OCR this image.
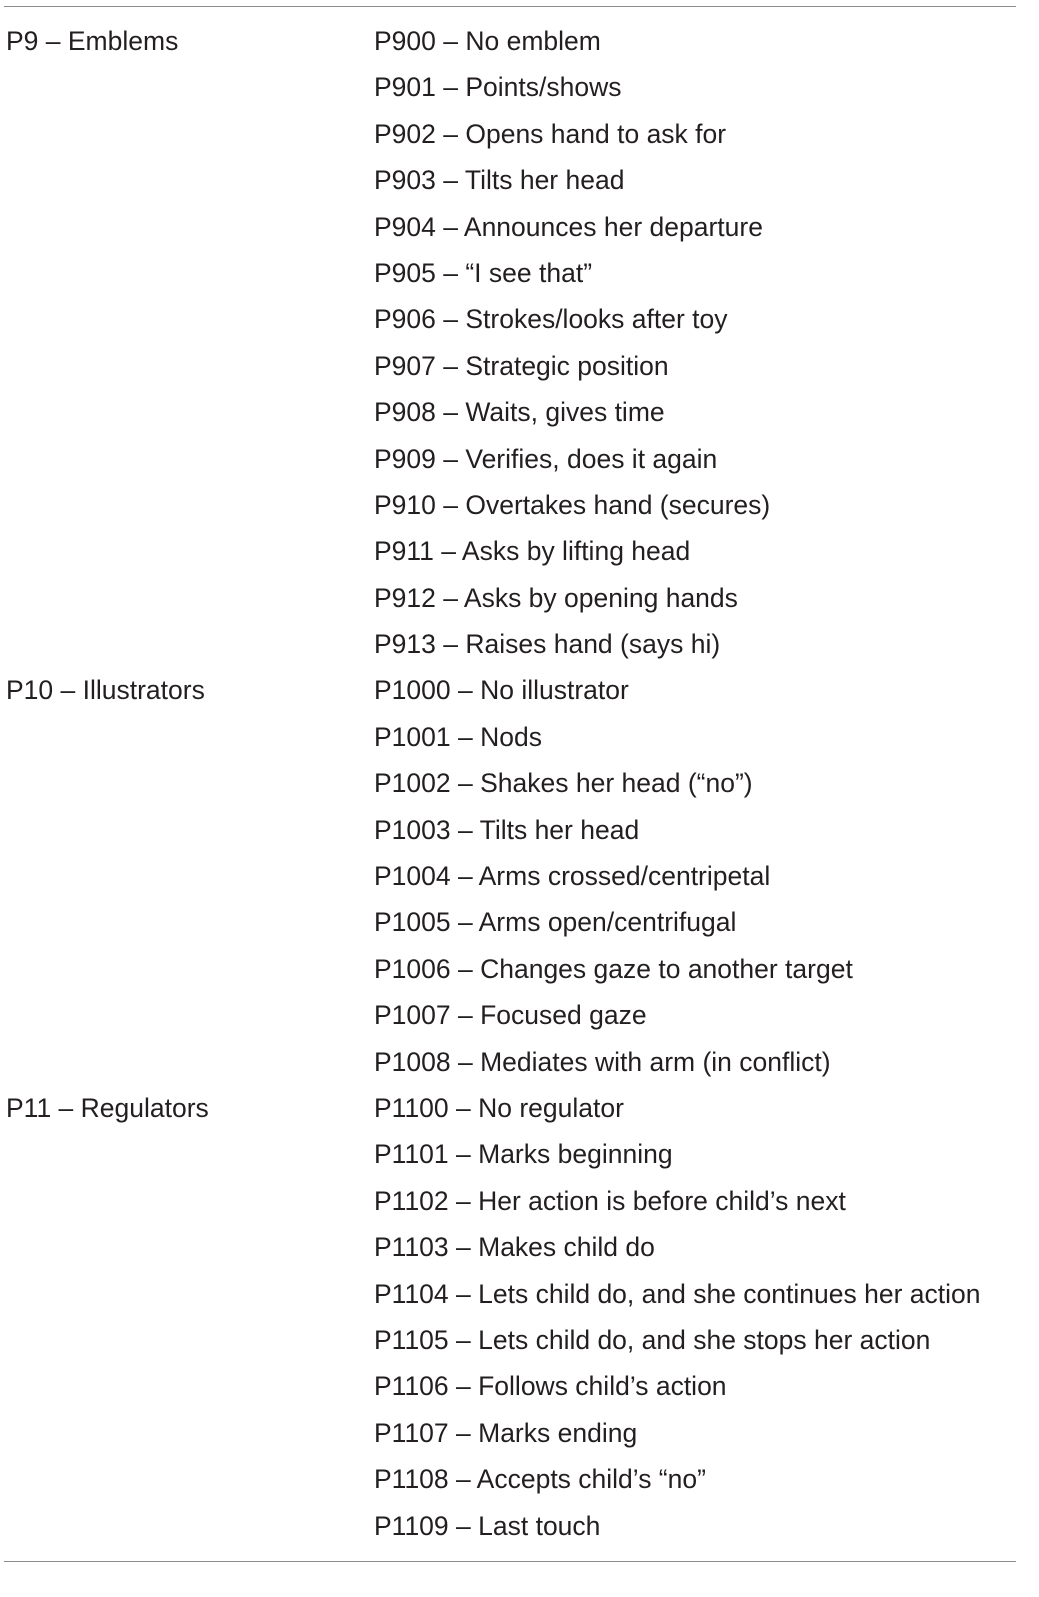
P9 – Emblems	P900 – No emblem
P901 – Points/shows
P902 – Opens hand to ask for
P903 – Tilts her head
P904 – Announces her departure
P905 – “I see that”
P906 – Strokes/looks after toy
P907 – Strategic position
P908 – Waits, gives time
P909 – Verifies, does it again
P910 – Overtakes hand (secures)
P911 – Asks by lifting head
P912 – Asks by opening hands
P913 – Raises hand (says hi)
P10 – Illustrators	P1000 – No illustrator
P1001 – Nods
P1002 – Shakes her head (“no”)
P1003 – Tilts her head
P1004 – Arms crossed/centripetal
P1005 – Arms open/centrifugal
P1006 – Changes gaze to another target
P1007 – Focused gaze
P1008 – Mediates with arm (in conflict)
P11 – Regulators	P1100 – No regulator
P1101 – Marks beginning
P1102 – Her action is before child’s next
P1103 – Makes child do
P1104 – Lets child do, and she continues her action
P1105 – Lets child do, and she stops her action
P1106 – Follows child’s action
P1107 – Marks ending
P1108 – Accepts child’s “no”
P1109 – Last touch
